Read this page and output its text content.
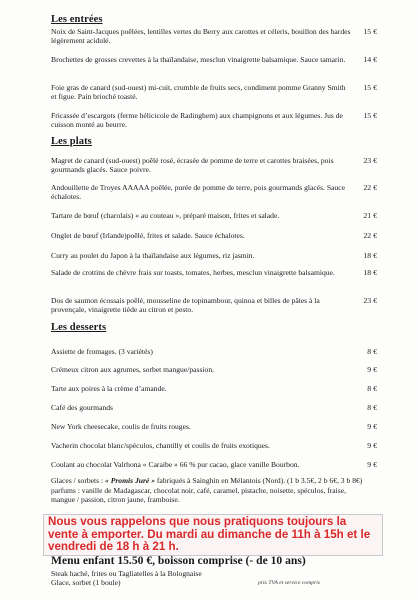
Les entrées
Noix de Saint-Jacques poêlées, lentilles vertes du Berry aux carottes et céleris, bouillon des bardes légèrement acidulé.
15 €
Brochettes de grosses crevettes à la thaïlandaise, mesclun vinaigrette balsamique. Sauce tamarin.	14 €
Foie gras de canard (sud-ouest) mi-cuit, crumble de fruits secs, condiment pomme Granny Smith et figue. Pain brioché toasté.
15 €
Fricassée d’escargots (ferme hélicicole de Radinghem) aux champignons et aux légumes. Jus de cuisson monté au beurre.
15 €
Les plats
Magret de canard (sud-ouest) poêlé rosé, écrasée de pomme de terre et carottes braisées, pois gourmands glacés. Sauce poivre.
23 €
Andouillette de Troyes AAAAA poêlée, purée de pomme de terre, pois gourmands glacés. Sauce échalotes.
22 €
Tartare de bœuf (charolais) « au couteau », préparé maison, frites et salade.	21 €
Onglet de bœuf (Irlande)poêlé, frites et salade. Sauce échalotes.	22 €
Curry au poulet du Japon à la thaïlandaise aux légumes, riz jasmin.	18 €
Salade de crottins de chèvre frais sur toasts, tomates, herbes, mesclun vinaigrette balsamique.	18 €
Dos de saumon écossais poêlé, mousseline de topinambour, quinoa et billes de pâtes à la provençale, vinaigrette tiède au citron et pesto.
23 €
Les desserts
Assiette de fromages. (3 variétés)	8 €
Crémeux citron aux agrumes, sorbet mangue/passion.	9 €
Tarte aux poires à la crème d’amande.	8 €
Café des gourmands	8 €
New York cheesecake, coulis de fruits rouges.	9 €
Vacherin chocolat blanc/spéculos, chantilly et coulis de fruits exotiques.	9 €
Coulant au chocolat Valrhona « Caraibe » 66 % pur cacao, glace vanille Bourbon.	9 €
Glaces / sorbets : « Promis Juré » fabriqués à Sainghin en Mélantois (Nord). (1 b 3.5€, 2 b 6€, 3 b 8€) parfums : vanille de Madagascar, chocolat noir, café, caramel, pistache, noisette, spéculos, fraise, mangue / passion, citron jaune, framboise.
Nous vous rappelons que nous pratiquons toujours la vente à emporter. Du mardi au dimanche de 11h à 15h et le vendredi de 18 h à 21 h.
Menu enfant 15.50 €, boisson comprise (- de 10 ans)
Steak haché, frites ou Tagliatelles à la Bolognaise
Glace, sorbet (1 boule)	prix TVA et service compris
